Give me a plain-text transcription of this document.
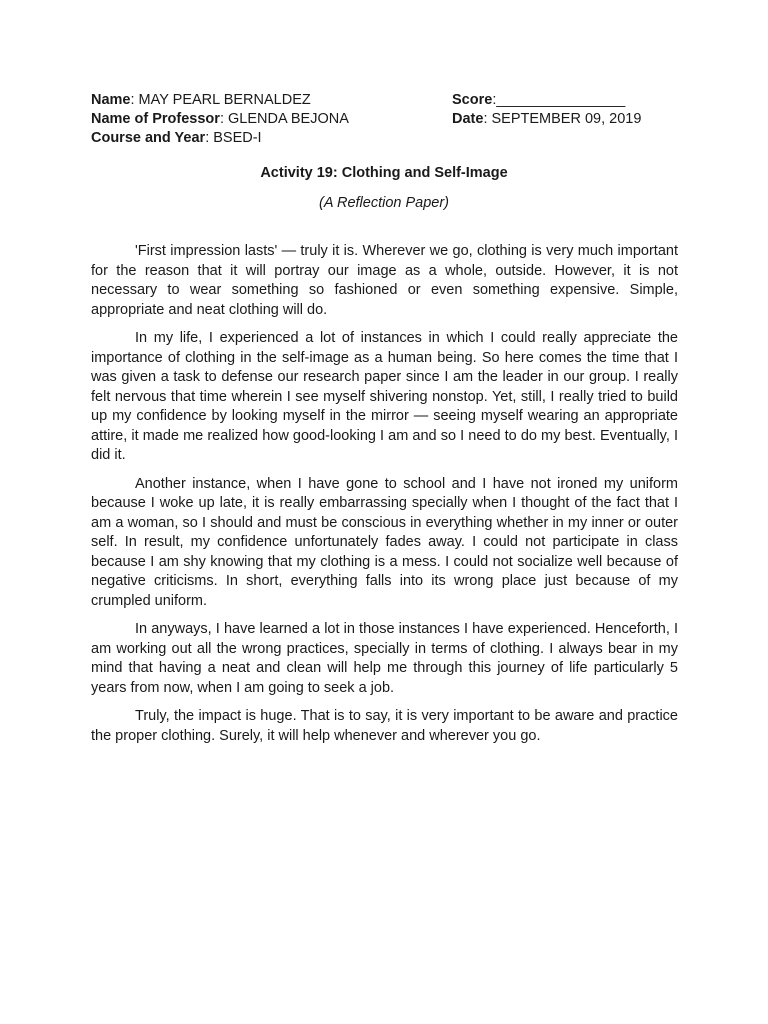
Name: MAY PEARL BERNALDEZ	Score:________________
Name of Professor: GLENDA BEJONA	Date: SEPTEMBER 09, 2019
Course and Year: BSED-I
Activity 19: Clothing and Self-Image
(A Reflection Paper)

'First impression lasts' — truly it is. Wherever we go, clothing is very much important for the reason that it will portray our image as a whole, outside. However, it is not necessary to wear something so fashioned or even something expensive. Simple, appropriate and neat clothing will do.

In my life, I experienced a lot of instances in which I could really appreciate the importance of clothing in the self-image as a human being. So here comes the time that I was given a task to defense our research paper since I am the leader in our group. I really felt nervous that time wherein I see myself shivering nonstop. Yet, still, I really tried to build up my confidence by looking myself in the mirror — seeing myself wearing an appropriate attire, it made me realized how good-looking I am and so I need to do my best. Eventually, I did it.

Another instance, when I have gone to school and I have not ironed my uniform because I woke up late, it is really embarrassing specially when I thought of the fact that I am a woman, so I should and must be conscious in everything whether in my inner or outer self. In result, my confidence unfortunately fades away. I could not participate in class because I am shy knowing that my clothing is a mess. I could not socialize well because of negative criticisms. In short, everything falls into its wrong place just because of my crumpled uniform.

In anyways, I have learned a lot in those instances I have experienced. Henceforth, I am working out all the wrong practices, specially in terms of clothing. I always bear in my mind that having a neat and clean will help me through this journey of life particularly 5 years from now, when I am going to seek a job.

Truly, the impact is huge. That is to say, it is very important to be aware and practice the proper clothing. Surely, it will help whenever and wherever you go.
